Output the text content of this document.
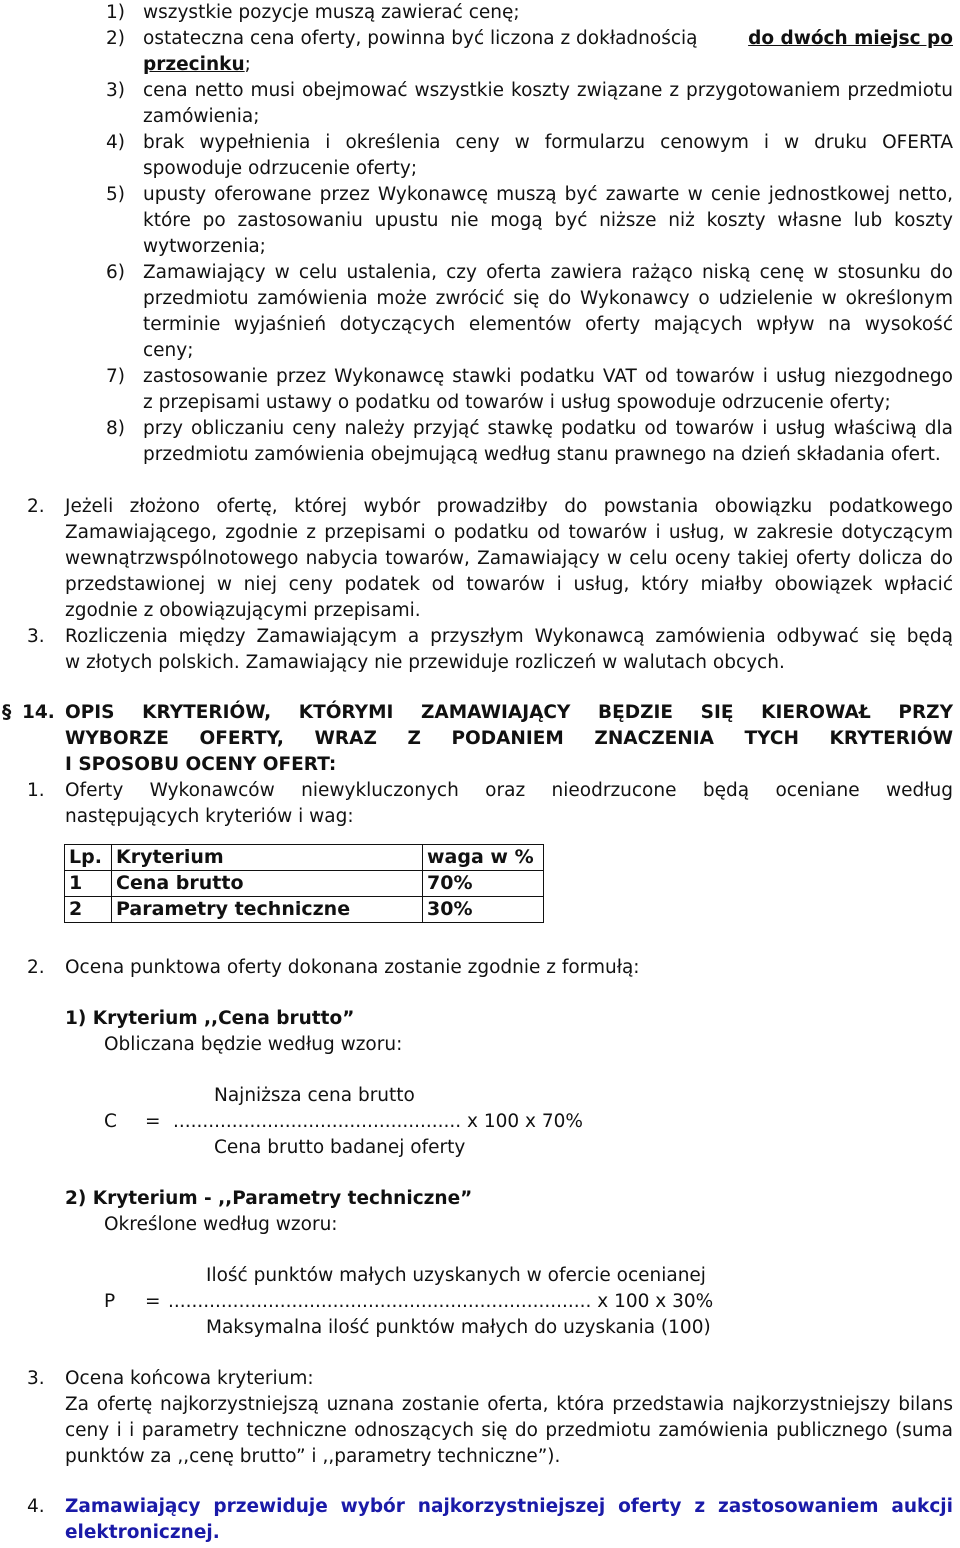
1) wszystkie pozycje muszą zawierać cenę;
2) ostateczna cena oferty, powinna być liczona z dokładnością	do dwóch miejsc po
przecinku;
3) cena netto musi obejmować wszystkie koszty związane z przygotowaniem przedmiotu
zamówienia;
4) brak wypełnienia i określenia ceny w formularzu cenowym i w druku OFERTA
spowoduje odrzucenie oferty;
5) upusty oferowane przez Wykonawcę muszą być zawarte w cenie jednostkowej netto,
które po zastosowaniu upustu nie mogą być niższe niż koszty własne lub koszty
wytworzenia;
6) Zamawiający w celu ustalenia, czy oferta zawiera rażąco niską cenę w stosunku do
przedmiotu zamówienia może zwrócić się do Wykonawcy o udzielenie w określonym
terminie wyjaśnień dotyczących elementów oferty mających wpływ na wysokość
ceny;
7) zastosowanie przez Wykonawcę stawki podatku VAT od towarów i usług niezgodnego
z przepisami ustawy o podatku od towarów i usług spowoduje odrzucenie oferty;
8) przy obliczaniu ceny należy przyjąć stawkę podatku od towarów i usług właściwą dla
przedmiotu zamówienia obejmującą według stanu prawnego na dzień składania ofert.
2. Jeżeli złożono ofertę, której wybór prowadziłby do powstania obowiązku podatkowego
Zamawiającego, zgodnie z przepisami o podatku od towarów i usług, w zakresie dotyczącym
wewnątrzwspólnotowego nabycia towarów, Zamawiający w celu oceny takiej oferty dolicza do
przedstawionej w niej ceny podatek od towarów i usług, który miałby obowiązek wpłacić
zgodnie z obowiązującymi przepisami.
3. Rozliczenia między Zamawiającym a przyszłym Wykonawcą zamówienia odbywać się będą
w złotych polskich. Zamawiający nie przewiduje rozliczeń w walutach obcych.
§ 14. OPIS KRYTERIÓW, KTÓRYMI ZAMAWIAJĄCY BĘDZIE SIĘ KIEROWAŁ PRZY
WYBORZE OFERTY, WRAZ Z PODANIEM ZNACZENIA TYCH KRYTERIÓW
I SPOSOBU OCENY OFERT:
1. Oferty Wykonawców niewykluczonych oraz nieodrzucone będą oceniane według
następujących kryteriów i wag:
Lp.	Kryterium	waga w %
1	Cena brutto	70%
2	Parametry techniczne	30%
2. Ocena punktowa oferty dokonana zostanie zgodnie z formułą:
1) Kryterium ,,Cena brutto”
Obliczana będzie według wzoru:
Najniższa cena brutto
C = ................................................. x 100 x 70%
Cena brutto badanej oferty
2) Kryterium - ,,Parametry techniczne”
Określone według wzoru:
Ilość punktów małych uzyskanych w ofercie ocenianej
P = ........................................................................ x 100 x 30%
Maksymalna ilość punktów małych do uzyskania (100)
3. Ocena końcowa kryterium:
Za ofertę najkorzystniejszą uznana zostanie oferta, która przedstawia najkorzystniejszy bilans
ceny i i parametry techniczne odnoszących się do przedmiotu zamówienia publicznego (suma
punktów za ,,cenę brutto” i ,,parametry techniczne”).
4. Zamawiający przewiduje wybór najkorzystniejszej oferty z zastosowaniem aukcji
elektronicznej.
